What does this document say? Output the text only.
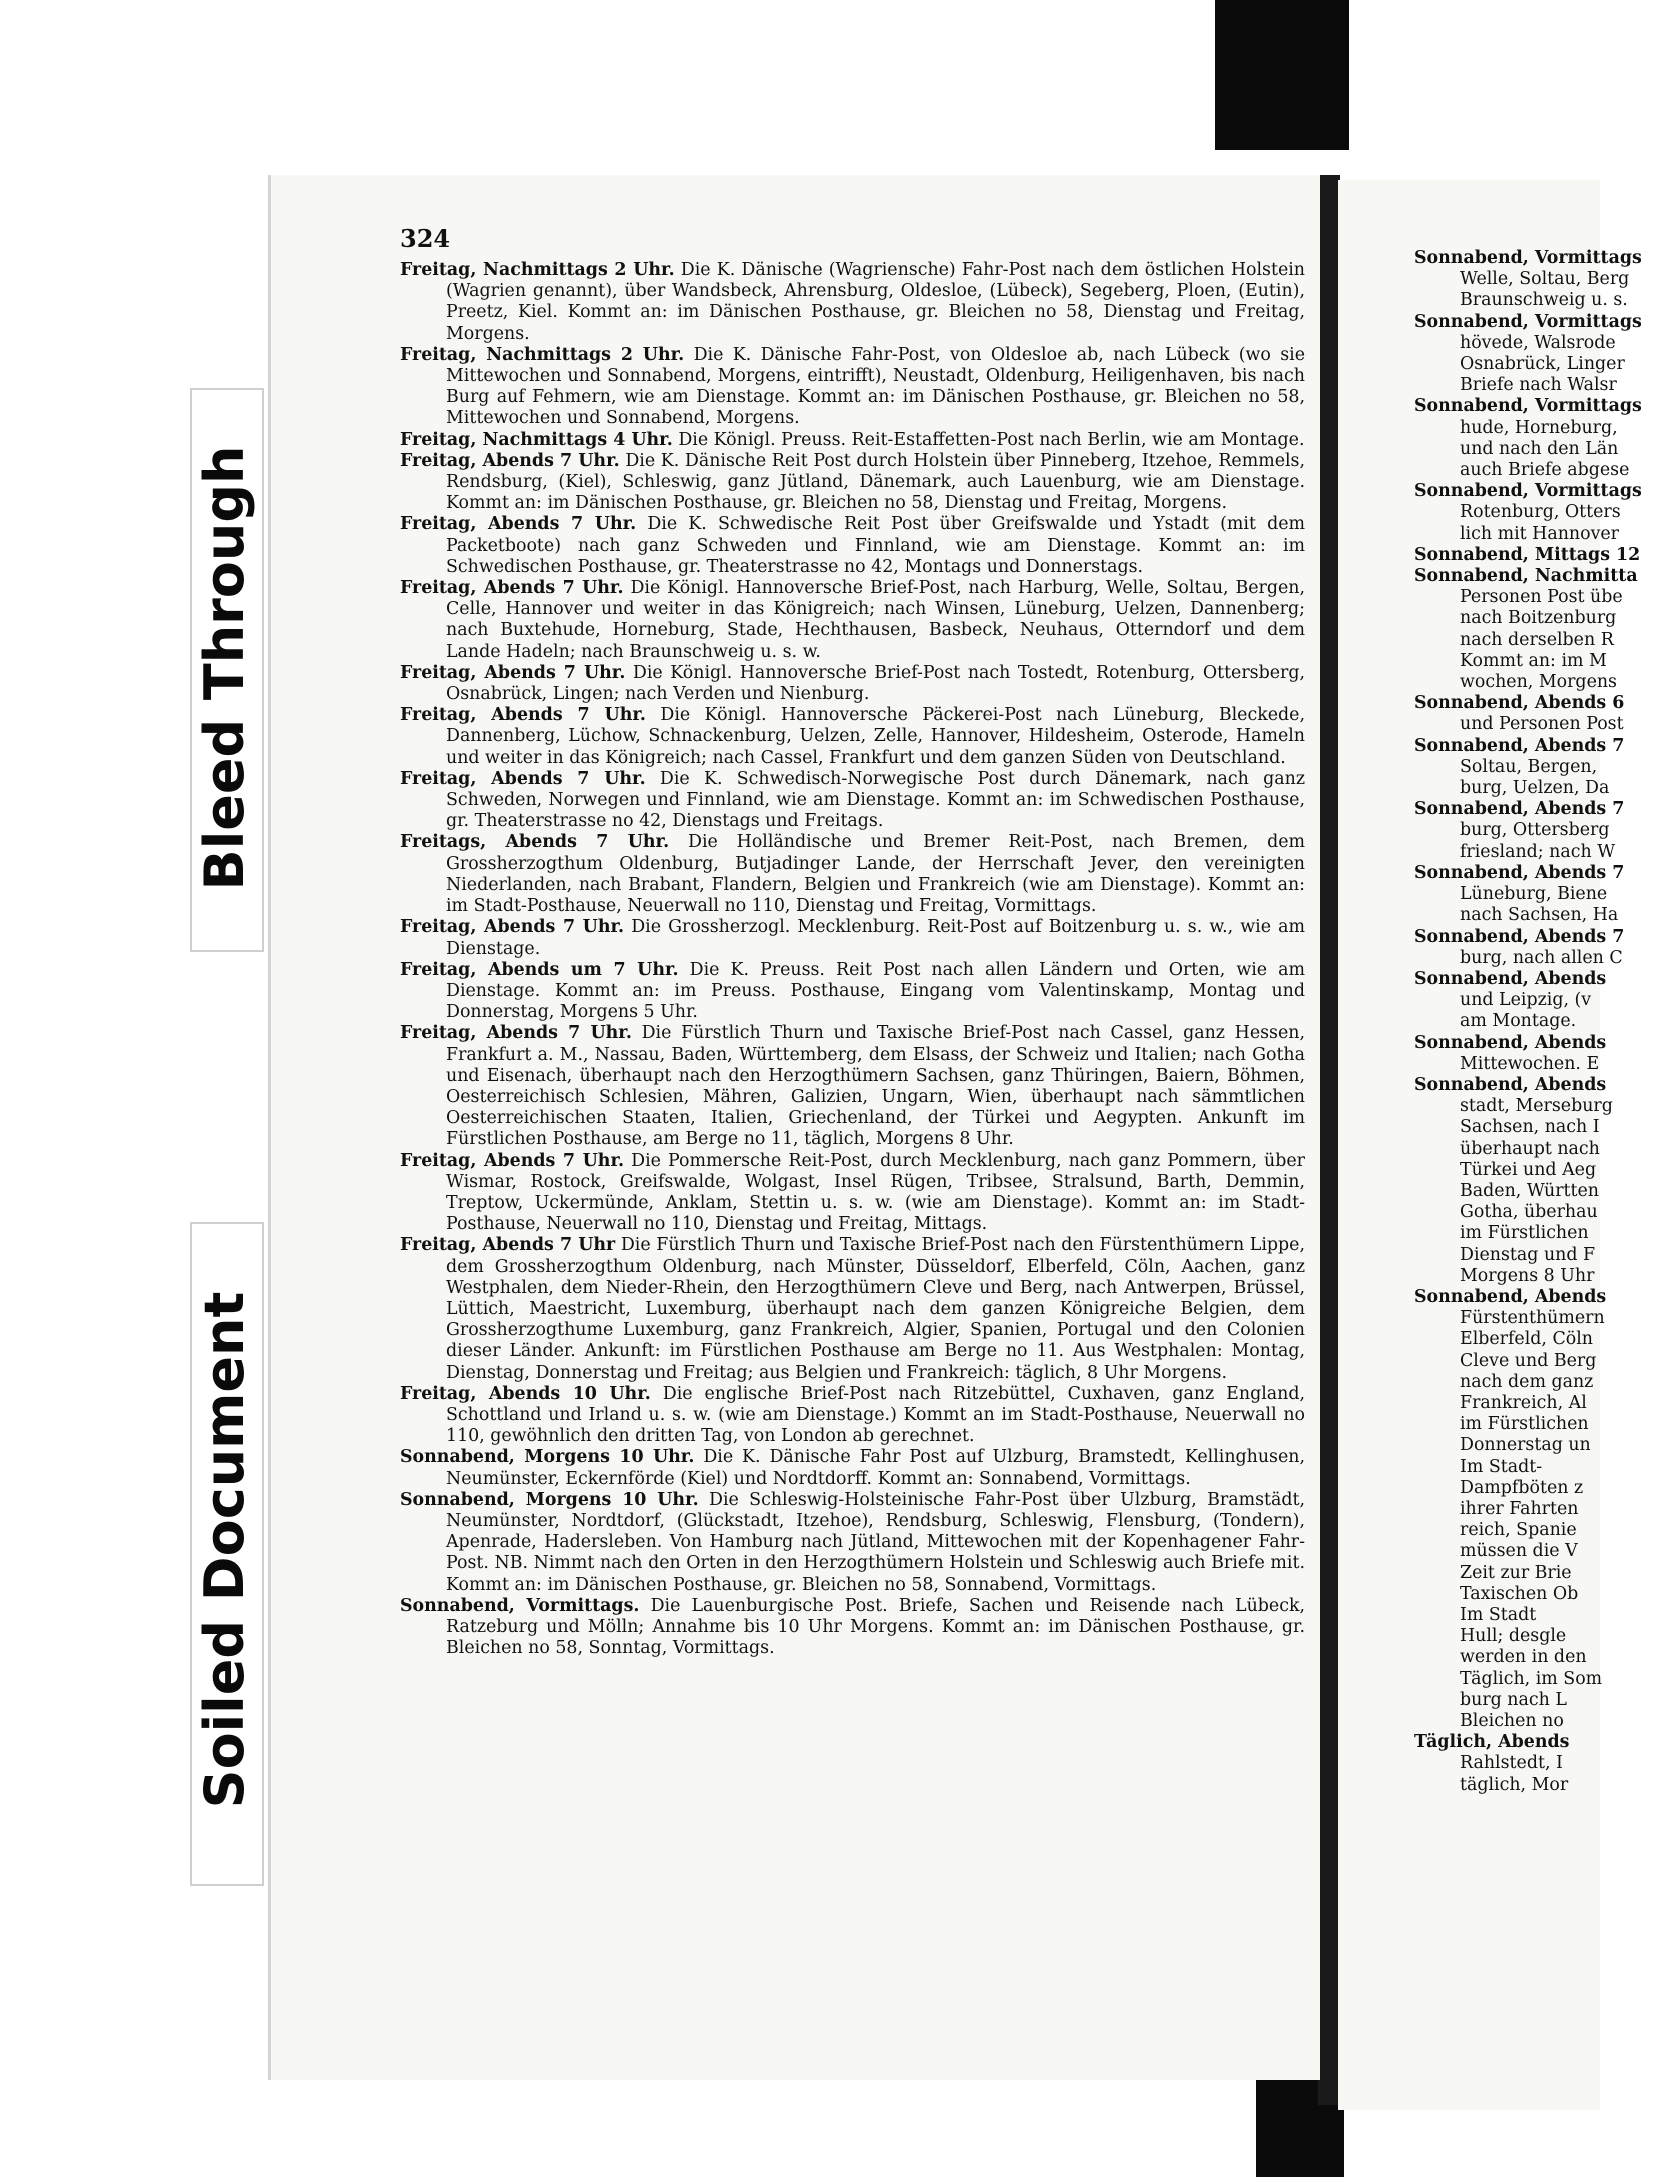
Bleed Through
Soiled Document
324

Freitag, Nachmittags 2 Uhr. Die K. Dänische (Wagriensche) Fahr-Post nach dem östlichen Holstein (Wagrien genannt), über Wandsbeck, Ahrensburg, Oldesloe, (Lübeck), Segeberg, Ploen, (Eutin), Preetz, Kiel. Kommt an: im Dänischen Posthause, gr. Bleichen no 58, Dienstag und Freitag, Morgens.

Freitag, Nachmittags 2 Uhr. Die K. Dänische Fahr-Post, von Oldesloe ab, nach Lübeck (wo sie Mittewochen und Sonnabend, Morgens, eintrifft), Neustadt, Oldenburg, Heiligenhaven, bis nach Burg auf Fehmern, wie am Dienstage. Kommt an: im Dänischen Posthause, gr. Bleichen no 58, Mittewochen und Sonnabend, Morgens.

Freitag, Nachmittags 4 Uhr. Die Königl. Preuss. Reit-Estaffetten-Post nach Berlin, wie am Montage.

Freitag, Abends 7 Uhr. Die K. Dänische Reit Post durch Holstein über Pinneberg, Itzehoe, Remmels, Rendsburg, (Kiel), Schleswig, ganz Jütland, Dänemark, auch Lauenburg, wie am Dienstage. Kommt an: im Dänischen Posthause, gr. Bleichen no 58, Dienstag und Freitag, Morgens.

Freitag, Abends 7 Uhr. Die K. Schwedische Reit Post über Greifswalde und Ystadt (mit dem Packetboote) nach ganz Schweden und Finnland, wie am Dienstage. Kommt an: im Schwedischen Posthause, gr. Theaterstrasse no 42, Montags und Donnerstags.

Freitag, Abends 7 Uhr. Die Königl. Hannoversche Brief-Post, nach Harburg, Welle, Soltau, Bergen, Celle, Hannover und weiter in das Königreich; nach Winsen, Lüneburg, Uelzen, Dannenberg; nach Buxtehude, Horneburg, Stade, Hechthausen, Basbeck, Neuhaus, Otterndorf und dem Lande Hadeln; nach Braunschweig u. s. w.

Freitag, Abends 7 Uhr. Die Königl. Hannoversche Brief-Post nach Tostedt, Rotenburg, Ottersberg, Osnabrück, Lingen; nach Verden und Nienburg.

Freitag, Abends 7 Uhr. Die Königl. Hannoversche Päckerei-Post nach Lüneburg, Bleckede, Dannenberg, Lüchow, Schnackenburg, Uelzen, Zelle, Hannover, Hildesheim, Osterode, Hameln und weiter in das Königreich; nach Cassel, Frankfurt und dem ganzen Süden von Deutschland.

Freitag, Abends 7 Uhr. Die K. Schwedisch-Norwegische Post durch Dänemark, nach ganz Schweden, Norwegen und Finnland, wie am Dienstage. Kommt an: im Schwedischen Posthause, gr. Theaterstrasse no 42, Dienstags und Freitags.

Freitags, Abends 7 Uhr. Die Holländische und Bremer Reit-Post, nach Bremen, dem Grossherzogthum Oldenburg, Butjadinger Lande, der Herrschaft Jever, den vereinigten Niederlanden, nach Brabant, Flandern, Belgien und Frankreich (wie am Dienstage). Kommt an: im Stadt-Posthause, Neuerwall no 110, Dienstag und Freitag, Vormittags.

Freitag, Abends 7 Uhr. Die Grossherzogl. Mecklenburg. Reit-Post auf Boitzenburg u. s. w., wie am Dienstage.

Freitag, Abends um 7 Uhr. Die K. Preuss. Reit Post nach allen Ländern und Orten, wie am Dienstage. Kommt an: im Preuss. Posthause, Eingang vom Valentinskamp, Montag und Donnerstag, Morgens 5 Uhr.

Freitag, Abends 7 Uhr. Die Fürstlich Thurn und Taxische Brief-Post nach Cassel, ganz Hessen, Frankfurt a. M., Nassau, Baden, Württemberg, dem Elsass, der Schweiz und Italien; nach Gotha und Eisenach, überhaupt nach den Herzogthümern Sachsen, ganz Thüringen, Baiern, Böhmen, Oesterreichisch Schlesien, Mähren, Galizien, Ungarn, Wien, überhaupt nach sämmtlichen Oesterreichischen Staaten, Italien, Griechenland, der Türkei und Aegypten. Ankunft im Fürstlichen Posthause, am Berge no 11, täglich, Morgens 8 Uhr.

Freitag, Abends 7 Uhr. Die Pommersche Reit-Post, durch Mecklenburg, nach ganz Pommern, über Wismar, Rostock, Greifswalde, Wolgast, Insel Rügen, Tribsee, Stralsund, Barth, Demmin, Treptow, Uckermünde, Anklam, Stettin u. s. w. (wie am Dienstage). Kommt an: im Stadt-Posthause, Neuerwall no 110, Dienstag und Freitag, Mittags.

Freitag, Abends 7 Uhr Die Fürstlich Thurn und Taxische Brief-Post nach den Fürstenthümern Lippe, dem Grossherzogthum Oldenburg, nach Münster, Düsseldorf, Elberfeld, Cöln, Aachen, ganz Westphalen, dem Nieder-Rhein, den Herzogthümern Cleve und Berg, nach Antwerpen, Brüssel, Lüttich, Maestricht, Luxemburg, überhaupt nach dem ganzen Königreiche Belgien, dem Grossherzogthume Luxemburg, ganz Frankreich, Algier, Spanien, Portugal und den Colonien dieser Länder. Ankunft: im Fürstlichen Posthause am Berge no 11. Aus Westphalen: Montag, Dienstag, Donnerstag und Freitag; aus Belgien und Frankreich: täglich, 8 Uhr Morgens.

Freitag, Abends 10 Uhr. Die englische Brief-Post nach Ritzebüttel, Cuxhaven, ganz England, Schottland und Irland u. s. w. (wie am Dienstage.) Kommt an im Stadt-Posthause, Neuerwall no 110, gewöhnlich den dritten Tag, von London ab gerechnet.

Sonnabend, Morgens 10 Uhr. Die K. Dänische Fahr Post auf Ulzburg, Bramstedt, Kellinghusen, Neumünster, Eckernförde (Kiel) und Nordtdorff. Kommt an: Sonnabend, Vormittags.

Sonnabend, Morgens 10 Uhr. Die Schleswig-Holsteinische Fahr-Post über Ulzburg, Bramstädt, Neumünster, Nordtdorf, (Glückstadt, Itzehoe), Rendsburg, Schleswig, Flensburg, (Tondern), Apenrade, Hadersleben. Von Hamburg nach Jütland, Mittewochen mit der Kopenhagener Fahr-Post. NB. Nimmt nach den Orten in den Herzogthümern Holstein und Schleswig auch Briefe mit. Kommt an: im Dänischen Posthause, gr. Bleichen no 58, Sonnabend, Vormittags.

Sonnabend, Vormittags. Die Lauenburgische Post. Briefe, Sachen und Reisende nach Lübeck, Ratzeburg und Mölln; Annahme bis 10 Uhr Morgens. Kommt an: im Dänischen Posthause, gr. Bleichen no 58, Sonntag, Vormittags.

Sonnabend, Vormittags
Welle, Soltau, Berg
Braunschweig u. s.
Sonnabend, Vormittags
hövede, Walsrode
Osnabrück, Linger
Briefe nach Walsr
Sonnabend, Vormittags
hude, Horneburg,
und nach den Län
auch Briefe abgese
Sonnabend, Vormittags
Rotenburg, Otters
lich mit Hannover
Sonnabend, Mittags 12
Sonnabend, Nachmitta
Personen Post übe
nach Boitzenburg
nach derselben R
Kommt an: im M
wochen, Morgens
Sonnabend, Abends 6
und Personen Post
Sonnabend, Abends 7
Soltau, Bergen,
burg, Uelzen, Da
Sonnabend, Abends 7
burg, Ottersberg
friesland; nach W
Sonnabend, Abends 7
Lüneburg, Biene
nach Sachsen, Ha
Sonnabend, Abends 7
burg, nach allen C
Sonnabend, Abends
und Leipzig, (v
am Montage.
Sonnabend, Abends
Mittewochen. E
Sonnabend, Abends
stadt, Merseburg
Sachsen, nach I
überhaupt nach
Türkei und Aeg
Baden, Württen
Gotha, überhau
im Fürstlichen
Dienstag und F
Morgens 8 Uhr
Sonnabend, Abends
Fürstenthümern
Elberfeld, Cöln
Cleve und Berg
nach dem ganz
Frankreich, Al
im Fürstlichen
Donnerstag un
Im Stadt-
Dampfböten z
ihrer Fahrten
reich, Spanie
müssen die V
Zeit zur Brie
Taxischen Ob
Im Stadt
Hull; desgle
werden in den
Täglich, im Som
burg nach L
Bleichen no
Täglich, Abends
Rahlstedt, I
täglich, Mor
